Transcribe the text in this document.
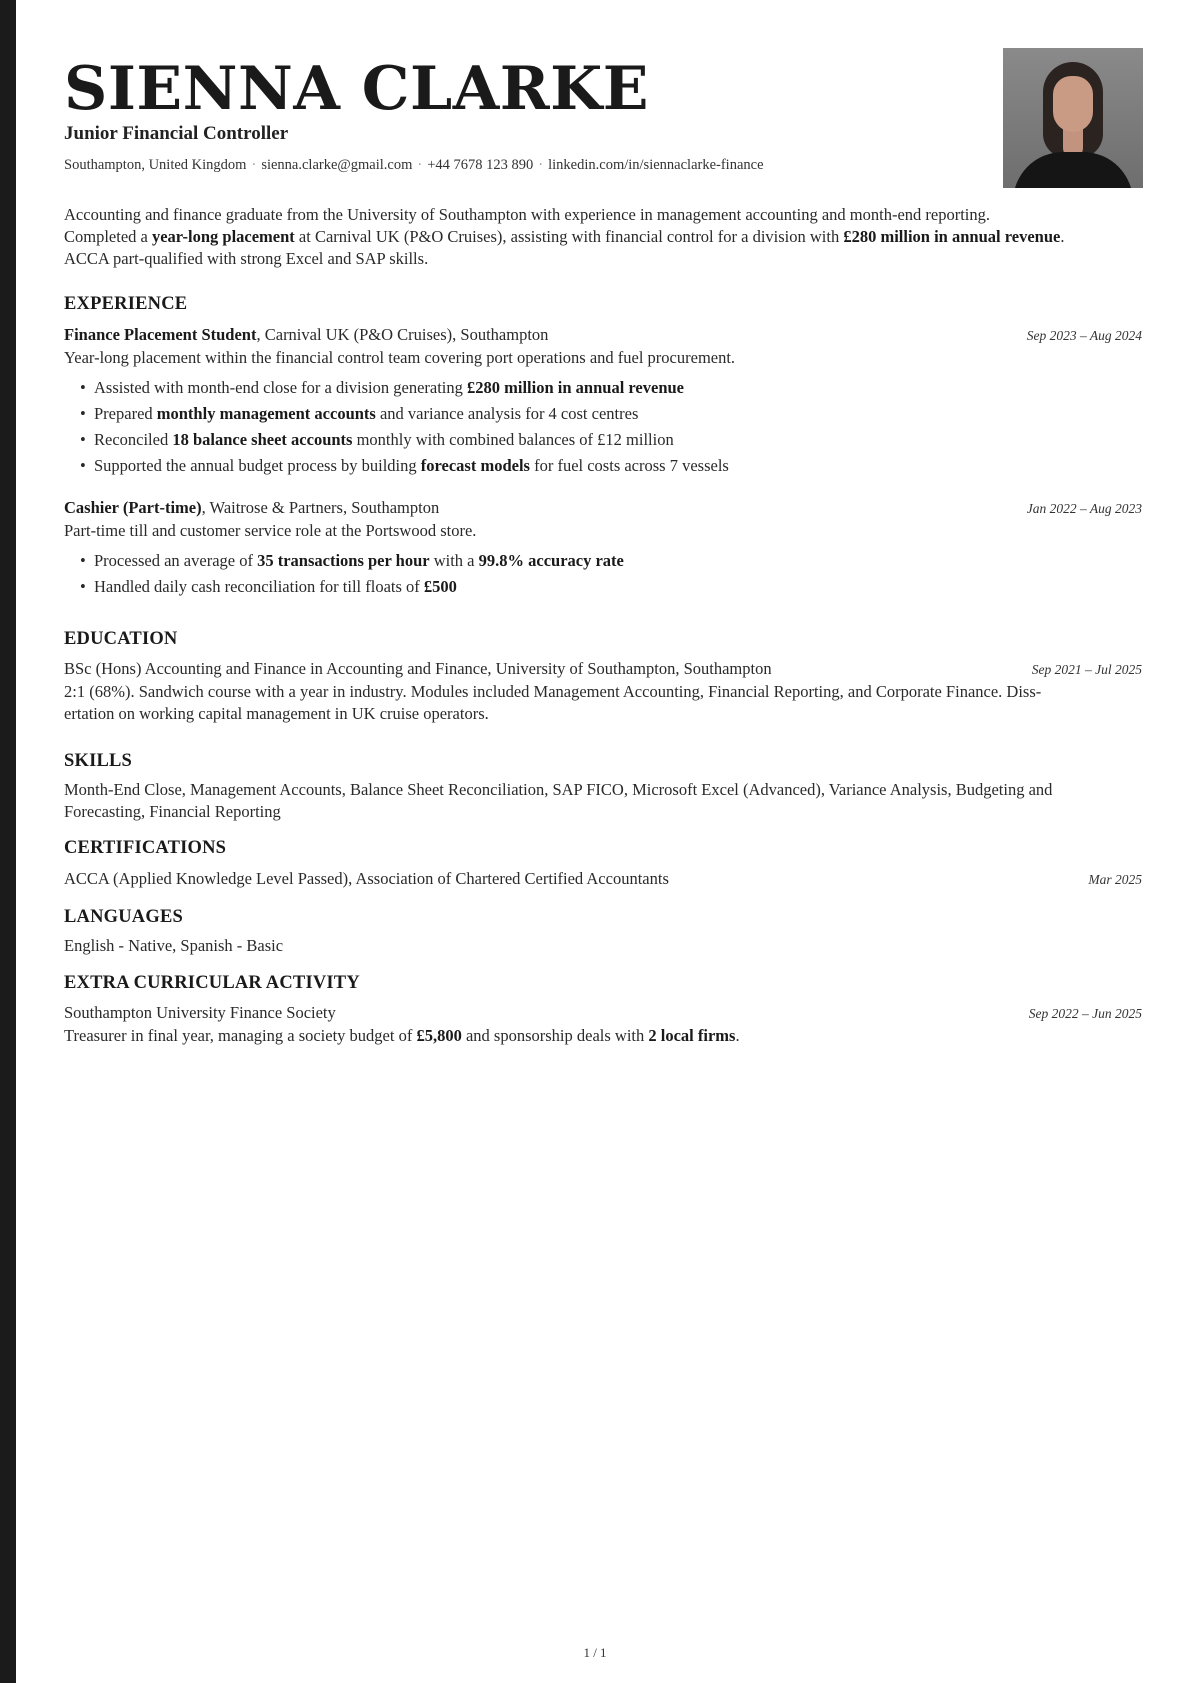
SIENNA CLARKE
Junior Financial Controller
Southampton, United Kingdom · sienna.clarke@gmail.com · +44 7678 123 890 · linkedin.com/in/siennaclarke-finance
Accounting and finance graduate from the University of Southampton with experience in management accounting and month-end reporting.
Completed a year-long placement at Carnival UK (P&O Cruises), assisting with financial control for a division with £280 million in annual revenue.
ACCA part-qualified with strong Excel and SAP skills.
EXPERIENCE
Finance Placement Student, Carnival UK (P&O Cruises), Southampton	Sep 2023 – Aug 2024
Year-long placement within the financial control team covering port operations and fuel procurement.
• Assisted with month-end close for a division generating £280 million in annual revenue
• Prepared monthly management accounts and variance analysis for 4 cost centres
• Reconciled 18 balance sheet accounts monthly with combined balances of £12 million
• Supported the annual budget process by building forecast models for fuel costs across 7 vessels
Cashier (Part-time), Waitrose & Partners, Southampton	Jan 2022 – Aug 2023
Part-time till and customer service role at the Portswood store.
• Processed an average of 35 transactions per hour with a 99.8% accuracy rate
• Handled daily cash reconciliation for till floats of £500
EDUCATION
BSc (Hons) Accounting and Finance in Accounting and Finance, University of Southampton, Southampton	Sep 2021 – Jul 2025
2:1 (68%). Sandwich course with a year in industry. Modules included Management Accounting, Financial Reporting, and Corporate Finance. Diss-
ertation on working capital management in UK cruise operators.
SKILLS
Month-End Close, Management Accounts, Balance Sheet Reconciliation, SAP FICO, Microsoft Excel (Advanced), Variance Analysis, Budgeting and
Forecasting, Financial Reporting
CERTIFICATIONS
ACCA (Applied Knowledge Level Passed), Association of Chartered Certified Accountants	Mar 2025
LANGUAGES
English - Native, Spanish - Basic
EXTRA CURRICULAR ACTIVITY
Southampton University Finance Society	Sep 2022 – Jun 2025
Treasurer in final year, managing a society budget of £5,800 and sponsorship deals with 2 local firms.
1 / 1
